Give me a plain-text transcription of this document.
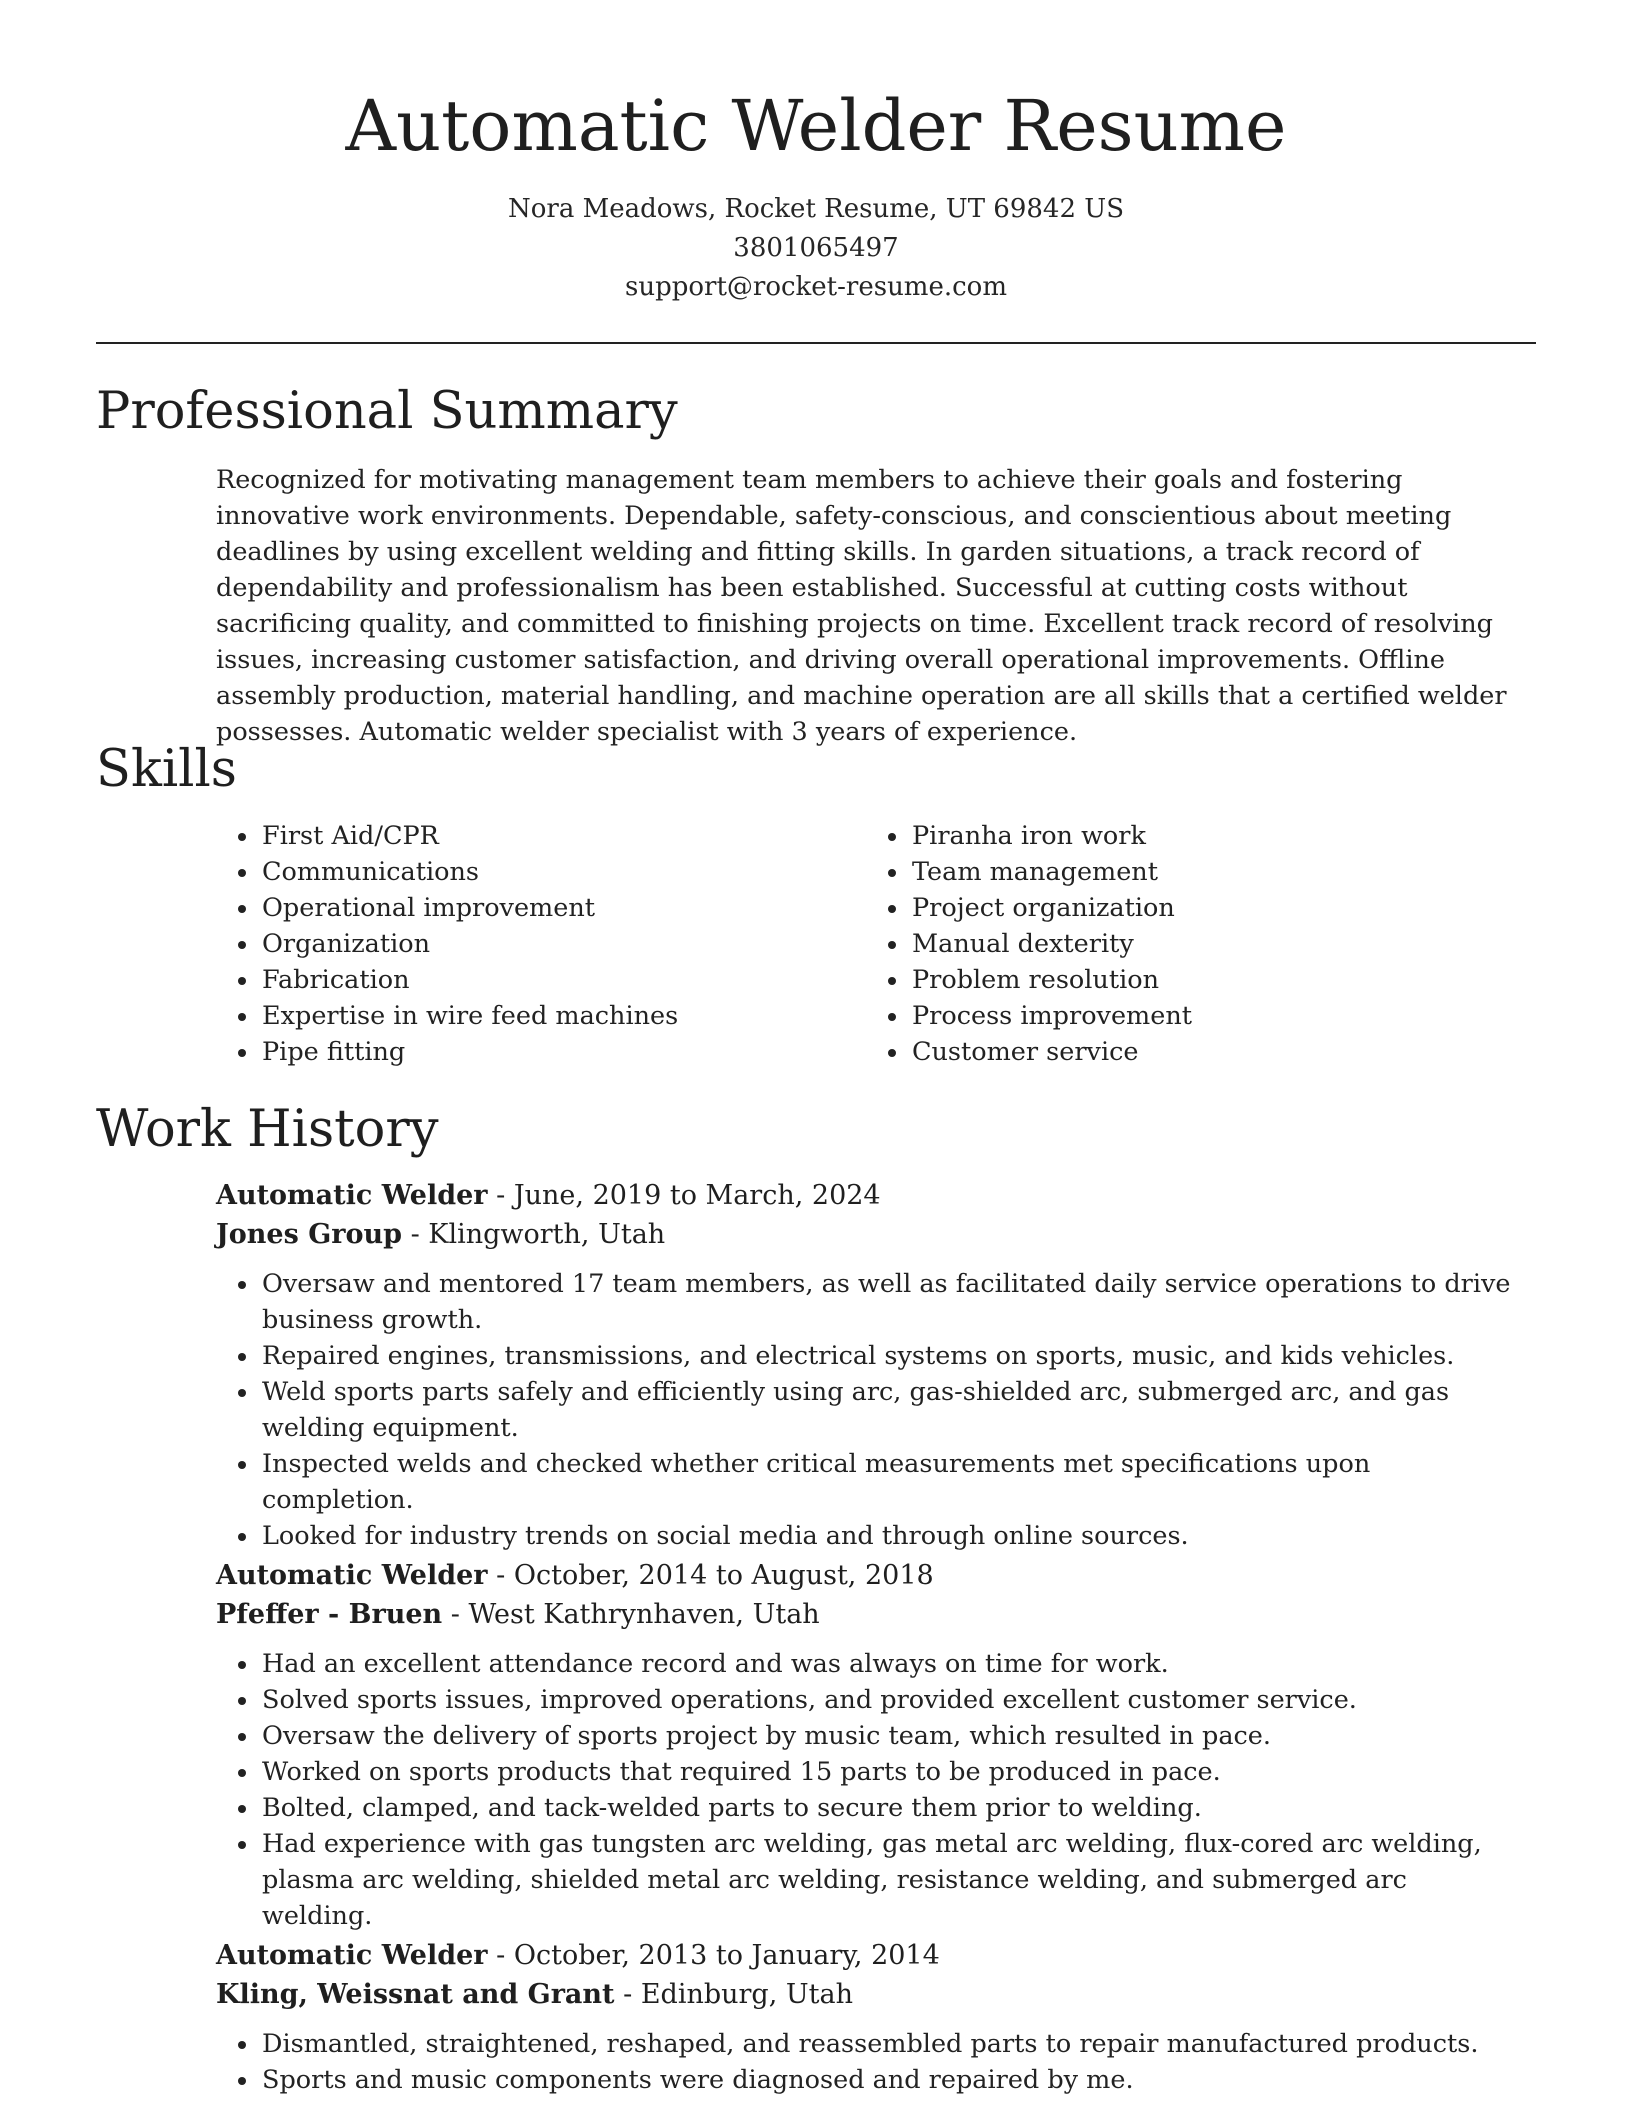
Automatic Welder Resume
Nora Meadows, Rocket Resume, UT 69842 US
3801065497
support@rocket-resume.com
Professional Summary

Recognized for motivating management team members to achieve their goals and fostering innovative work environments. Dependable, safety-conscious, and conscientious about meeting deadlines by using excellent welding and fitting skills. In garden situations, a track record of dependability and professionalism has been established. Successful at cutting costs without sacrificing quality, and committed to finishing projects on time. Excellent track record of resolving issues, increasing customer satisfaction, and driving overall operational improvements. Offline assembly production, material handling, and machine operation are all skills that a certified welder possesses. Automatic welder specialist with 3 years of experience.

Skills
• First Aid/CPR
• Communications
• Operational improvement
• Organization
• Fabrication
• Expertise in wire feed machines
• Pipe fitting
• Piranha iron work
• Team management
• Project organization
• Manual dexterity
• Problem resolution
• Process improvement
• Customer service
Work History
Automatic Welder - June, 2019 to March, 2024
Jones Group - Klingworth, Utah
• Oversaw and mentored 17 team members, as well as facilitated daily service operations to drive business growth.
• Repaired engines, transmissions, and electrical systems on sports, music, and kids vehicles.
• Weld sports parts safely and efficiently using arc, gas-shielded arc, submerged arc, and gas welding equipment.
• Inspected welds and checked whether critical measurements met specifications upon completion.
• Looked for industry trends on social media and through online sources.
Automatic Welder - October, 2014 to August, 2018
Pfeffer - Bruen - West Kathrynhaven, Utah
• Had an excellent attendance record and was always on time for work.
• Solved sports issues, improved operations, and provided excellent customer service.
• Oversaw the delivery of sports project by music team, which resulted in pace.
• Worked on sports products that required 15 parts to be produced in pace.
• Bolted, clamped, and tack-welded parts to secure them prior to welding.
• Had experience with gas tungsten arc welding, gas metal arc welding, flux-cored arc welding, plasma arc welding, shielded metal arc welding, resistance welding, and submerged arc welding.
Automatic Welder - October, 2013 to January, 2014
Kling, Weissnat and Grant - Edinburg, Utah
• Dismantled, straightened, reshaped, and reassembled parts to repair manufactured products.
• Sports and music components were diagnosed and repaired by me.
